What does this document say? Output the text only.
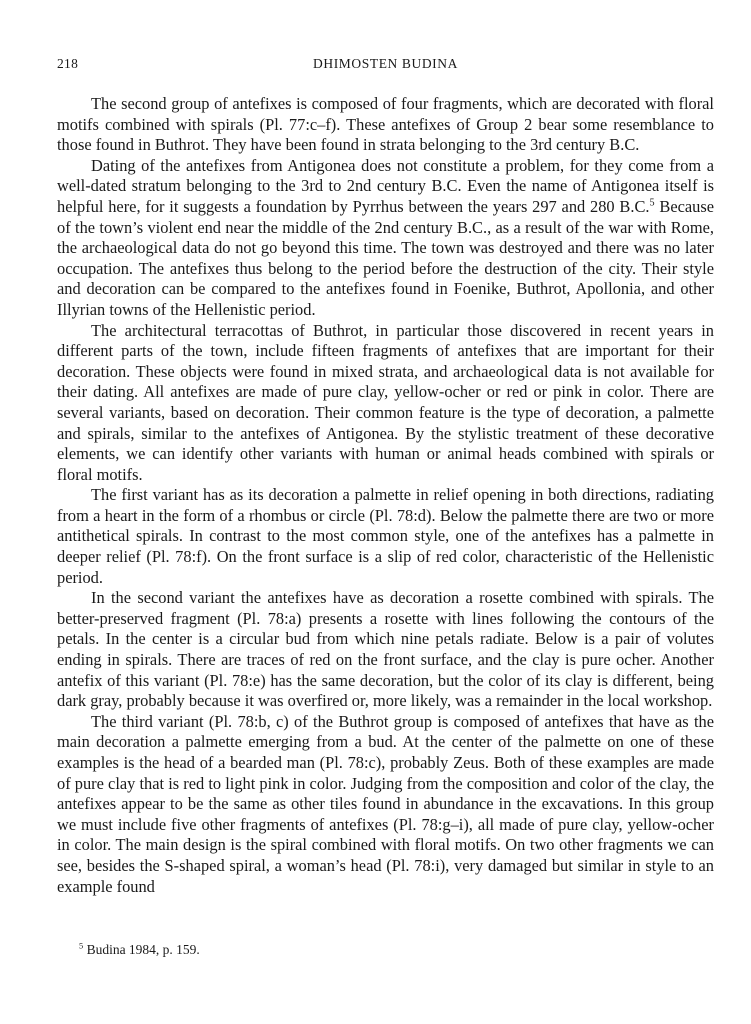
218	DHIMOSTEN BUDINA

The second group of antefixes is composed of four fragments, which are decorated with floral motifs combined with spirals (Pl. 77:c–f). These antefixes of Group 2 bear some resemblance to those found in Buthrot. They have been found in strata belonging to the 3rd century B.C.

Dating of the antefixes from Antigonea does not constitute a problem, for they come from a well-dated stratum belonging to the 3rd to 2nd century B.C. Even the name of Antigonea itself is helpful here, for it suggests a foundation by Pyrrhus between the years 297 and 280 B.C.$^5$ Because of the town’s violent end near the middle of the 2nd century B.C., as a result of the war with Rome, the archaeological data do not go beyond this time. The town was destroyed and there was no later occupation. The antefixes thus belong to the period before the destruction of the city. Their style and decoration can be compared to the antefixes found in Foenike, Buthrot, Apollonia, and other Illyrian towns of the Hellenistic period.

The architectural terracottas of Buthrot, in particular those discovered in recent years in different parts of the town, include fifteen fragments of antefixes that are important for their decoration. These objects were found in mixed strata, and archaeological data is not available for their dating. All antefixes are made of pure clay, yellow-ocher or red or pink in color. There are several variants, based on decoration. Their common feature is the type of decoration, a palmette and spirals, similar to the antefixes of Antigonea. By the stylistic treatment of these decorative elements, we can identify other variants with human or animal heads combined with spirals or floral motifs.

The first variant has as its decoration a palmette in relief opening in both directions, radiating from a heart in the form of a rhombus or circle (Pl. 78:d). Below the palmette there are two or more antithetical spirals. In contrast to the most common style, one of the antefixes has a palmette in deeper relief (Pl. 78:f). On the front surface is a slip of red color, characteristic of the Hellenistic period.

In the second variant the antefixes have as decoration a rosette combined with spirals. The better-preserved fragment (Pl. 78:a) presents a rosette with lines following the contours of the petals. In the center is a circular bud from which nine petals radiate. Below is a pair of volutes ending in spirals. There are traces of red on the front surface, and the clay is pure ocher. Another antefix of this variant (Pl. 78:e) has the same decoration, but the color of its clay is different, being dark gray, probably because it was overfired or, more likely, was a remainder in the local workshop.

The third variant (Pl. 78:b, c) of the Buthrot group is composed of antefixes that have as the main decoration a palmette emerging from a bud. At the center of the palmette on one of these examples is the head of a bearded man (Pl. 78:c), probably Zeus. Both of these examples are made of pure clay that is red to light pink in color. Judging from the composition and color of the clay, the antefixes appear to be the same as other tiles found in abundance in the excavations. In this group we must include five other fragments of antefixes (Pl. 78:g–i), all made of pure clay, yellow-ocher in color. The main design is the spiral combined with floral motifs. On two other fragments we can see, besides the S-shaped spiral, a woman’s head (Pl. 78:i), very damaged but similar in style to an example found

$^5$ Budina 1984, p. 159.
